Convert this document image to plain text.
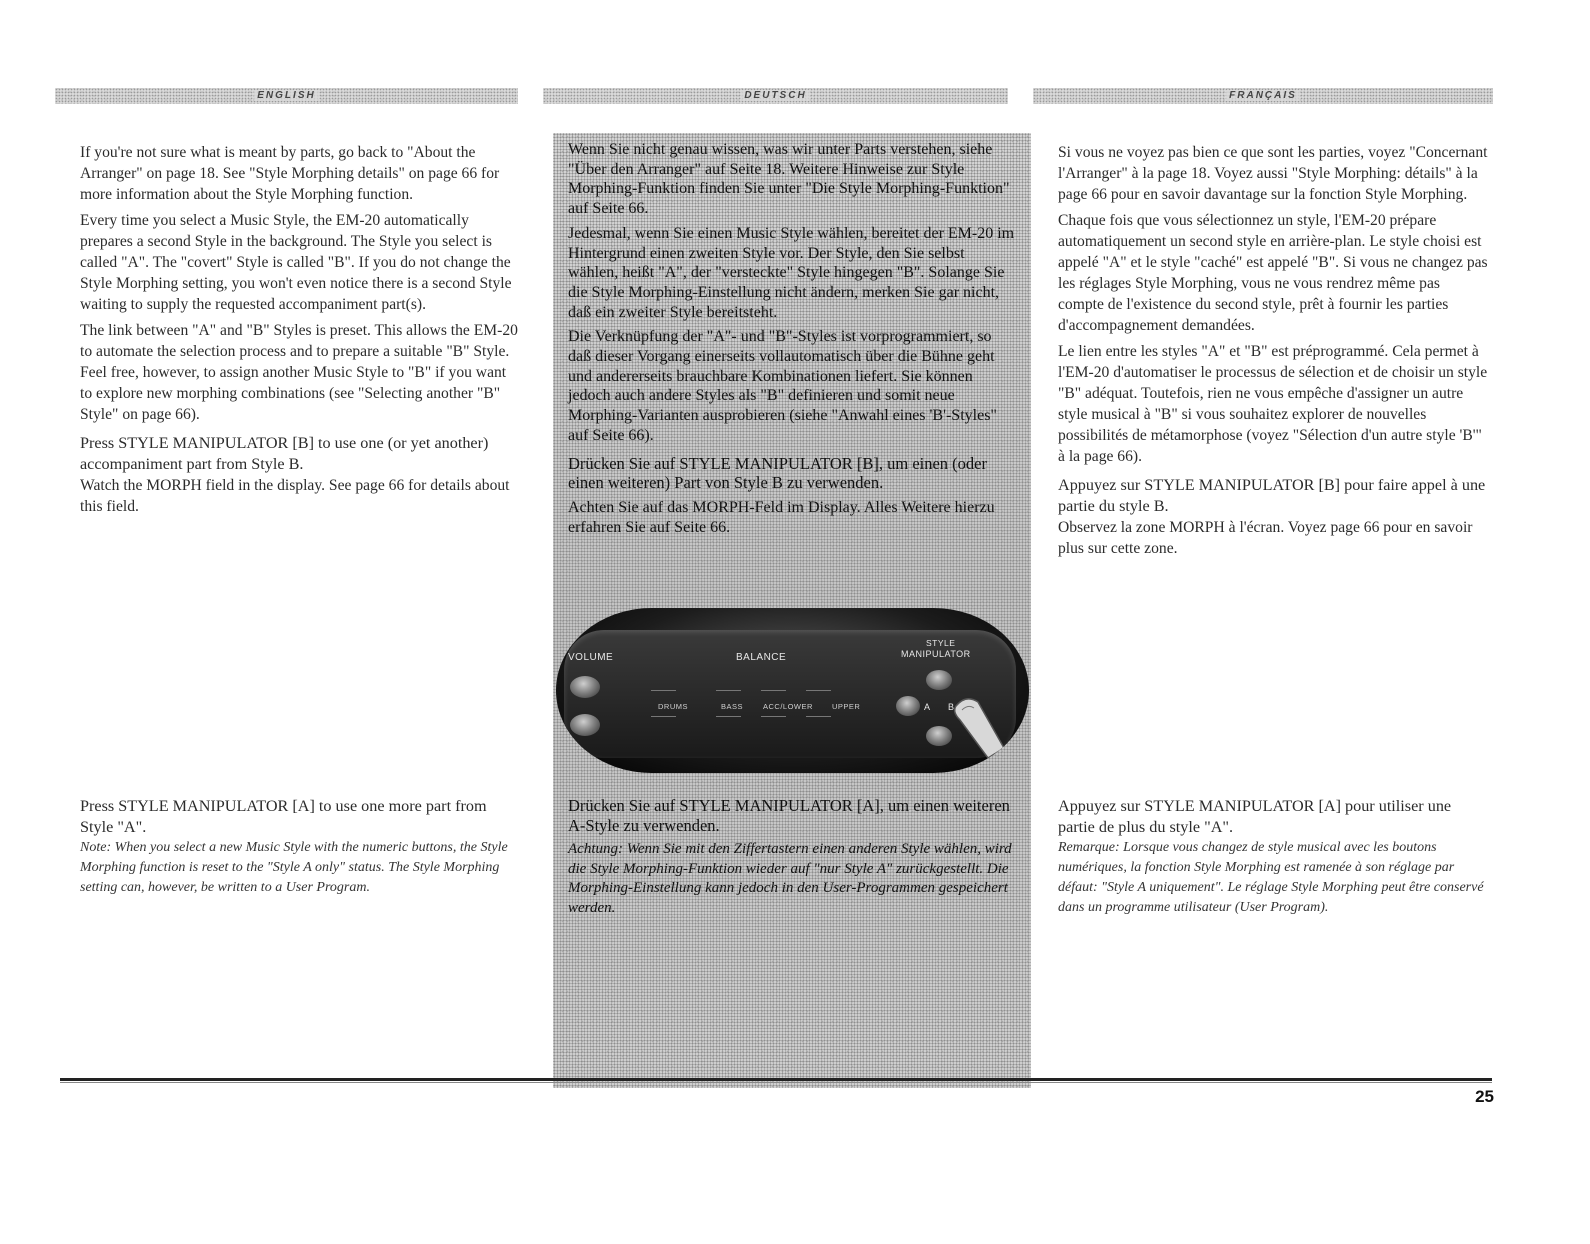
ENGLISH	DEUTSCH	FRANÇAIS

If you're not sure what is meant by parts, go back to "About the Arranger" on page 18. See "Style Morphing details" on page 66 for more information about the Style Morphing function.

Every time you select a Music Style, the EM-20 automatically prepares a second Style in the background. The Style you select is called "A". The "covert" Style is called "B". If you do not change the Style Morphing setting, you won't even notice there is a second Style waiting to supply the requested accompaniment part(s).

The link between "A" and "B" Styles is preset. This allows the EM-20 to automate the selection process and to prepare a suitable "B" Style. Feel free, however, to assign another Music Style to "B" if you want to explore new morphing combinations (see "Selecting another "B" Style" on page 66).

Press STYLE MANIPULATOR [B] to use one (or yet another) accompaniment part from Style B.

Watch the MORPH field in the display. See page 66 for details about this field.

Press STYLE MANIPULATOR [A] to use one more part from Style "A".

Note: When you select a new Music Style with the numeric buttons, the Style Morphing function is reset to the "Style A only" status. The Style Morphing setting can, however, be written to a User Program.

Wenn Sie nicht genau wissen, was wir unter Parts verstehen, siehe "Über den Arranger" auf Seite 18. Weitere Hinweise zur Style Morphing-Funktion finden Sie unter "Die Style Morphing-Funktion" auf Seite 66.

Jedesmal, wenn Sie einen Music Style wählen, bereitet der EM-20 im Hintergrund einen zweiten Style vor. Der Style, den Sie selbst wählen, heißt "A", der "versteckte" Style hingegen "B". Solange Sie die Style Morphing-Einstellung nicht ändern, merken Sie gar nicht, daß ein zweiter Style bereitsteht.

Die Verknüpfung der "A"- und "B"-Styles ist vorprogrammiert, so daß dieser Vorgang einerseits vollautomatisch über die Bühne geht und andererseits brauchbare Kombinationen liefert. Sie können jedoch auch andere Styles als "B" definieren und somit neue Morphing-Varianten ausprobieren (siehe "Anwahl eines 'B'-Styles" auf Seite 66).

Drücken Sie auf STYLE MANIPULATOR [B], um einen (oder einen weiteren) Part von Style B zu verwenden.

Achten Sie auf das MORPH-Feld im Display. Alles Weitere hierzu erfahren Sie auf Seite 66.

VOLUME	BALANCE
STYLE
MANIPULATOR
DRUMS	BASS	ACC/LOWER	UPPER	A B

Drücken Sie auf STYLE MANIPULATOR [A], um einen weiteren A-Style zu verwenden.

Achtung: Wenn Sie mit den Ziffertastern einen anderen Style wählen, wird die Style Morphing-Funktion wieder auf "nur Style A" zurückgestellt. Die Morphing-Einstellung kann jedoch in den User-Programmen gespeichert werden.

Si vous ne voyez pas bien ce que sont les parties, voyez "Concernant l'Arranger" à la page 18. Voyez aussi "Style Morphing: détails" à la page 66 pour en savoir davantage sur la fonction Style Morphing.

Chaque fois que vous sélectionnez un style, l'EM-20 prépare automatiquement un second style en arrière-plan. Le style choisi est appelé "A" et le style "caché" est appelé "B". Si vous ne changez pas les réglages Style Morphing, vous ne vous rendrez même pas compte de l'existence du second style, prêt à fournir les parties d'accompagnement demandées.

Le lien entre les styles "A" et "B" est préprogrammé. Cela permet à l'EM-20 d'automatiser le processus de sélection et de choisir un style "B" adéquat. Toutefois, rien ne vous empêche d'assigner un autre style musical à "B" si vous souhaitez explorer de nouvelles possibilités de métamorphose (voyez "Sélection d'un autre style 'B'" à la page 66).

Appuyez sur STYLE MANIPULATOR [B] pour faire appel à une partie du style B.

Observez la zone MORPH à l'écran. Voyez page 66 pour en savoir plus sur cette zone.

Appuyez sur STYLE MANIPULATOR [A] pour utiliser une partie de plus du style "A".

Remarque: Lorsque vous changez de style musical avec les boutons numériques, la fonction Style Morphing est ramenée à son réglage par défaut: "Style A uniquement". Le réglage Style Morphing peut être conservé dans un programme utilisateur (User Program).

25
